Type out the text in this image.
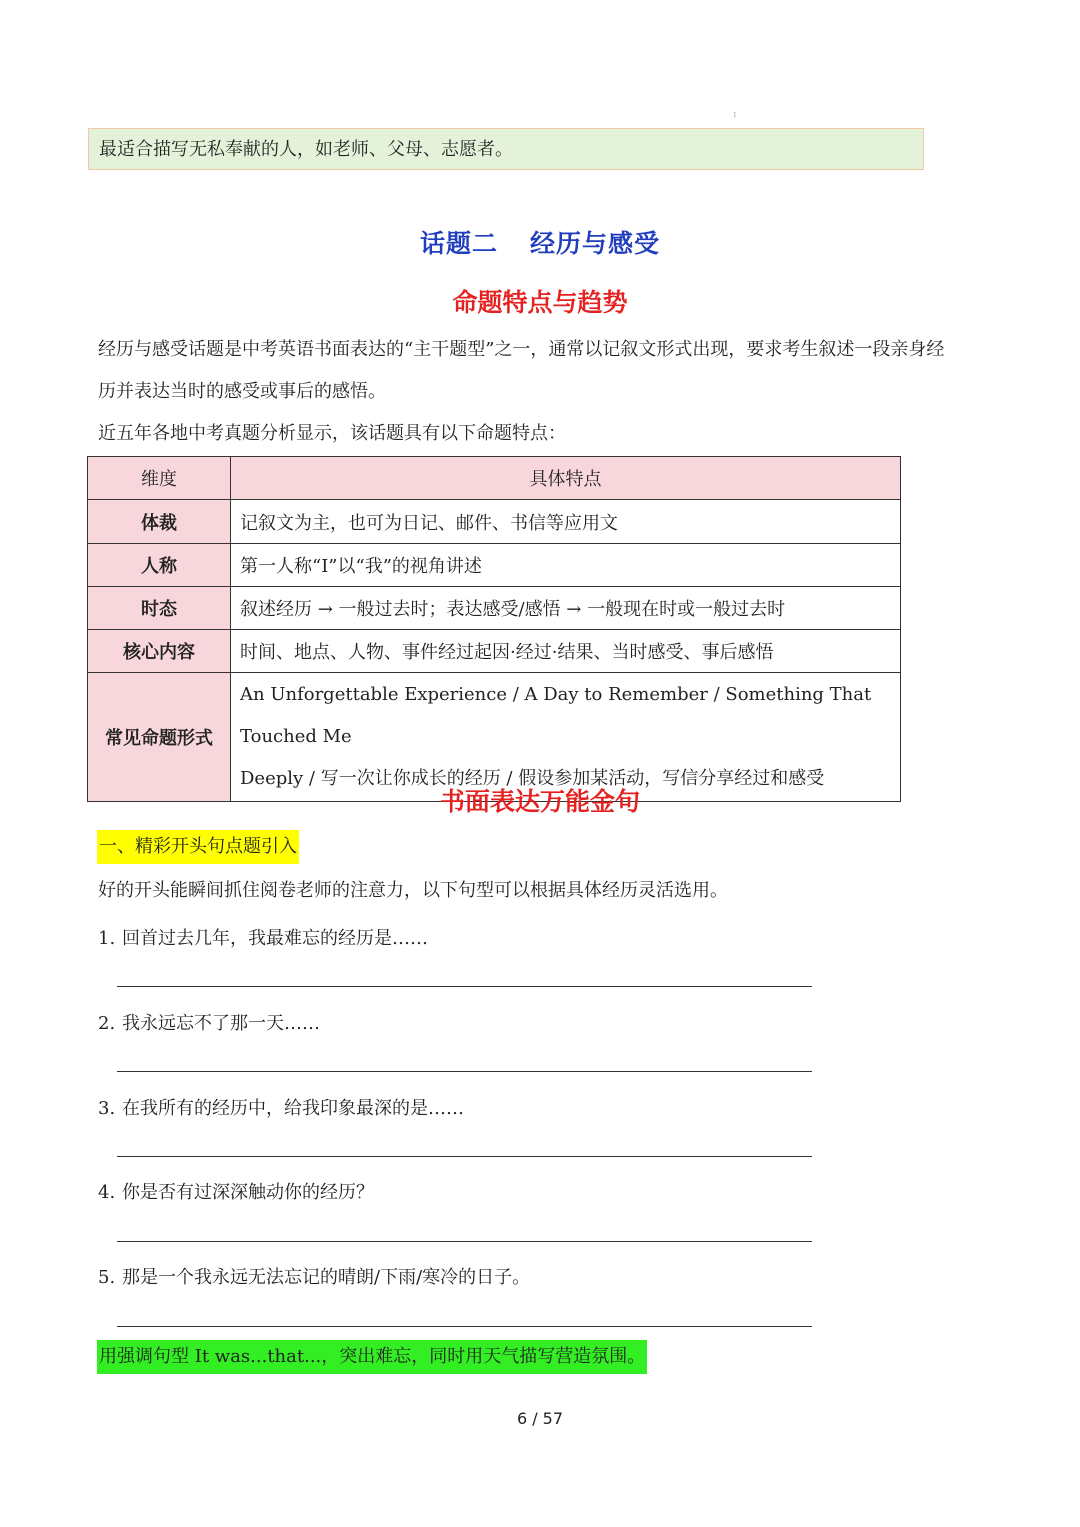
1
最适合描写无私奉献的人，如老师、父母、志愿者。
话题二 经历与感受
命题特点与趋势
经历与感受话题是中考英语书面表达的“主干题型”之一，通常以记叙文形式出现，要求考生叙述一段亲身经
历并表达当时的感受或事后的感悟。
近五年各地中考真题分析显示，该话题具有以下命题特点：
维度	具体特点
体裁	记叙文为主，也可为日记、邮件、书信等应用文
人称	第一人称“I”以“我”的视角讲述
时态	叙述经历 → 一般过去时；表达感受/感悟 → 一般现在时或一般过去时
核心内容	时间、地点、人物、事件经过起因·经过·结果、当时感受、事后感悟
常见命题形式	An Unforgettable Experience / A Day to Remember / Something That Touched Me
Deeply / 写一次让你成长的经历 / 假设参加某活动，写信分享经过和感受
书面表达万能金句
一、精彩开头句点题引入
好的开头能瞬间抓住阅卷老师的注意力，以下句型可以根据具体经历灵活选用。
1. 回首过去几年，我最难忘的经历是……
2. 我永远忘不了那一天……
3. 在我所有的经历中，给我印象最深的是……
4. 你是否有过深深触动你的经历？
5. 那是一个我永远无法忘记的晴朗/下雨/寒冷的日子。
用强调句型 It was...that...，突出难忘，同时用天气描写营造氛围。
6 / 57
